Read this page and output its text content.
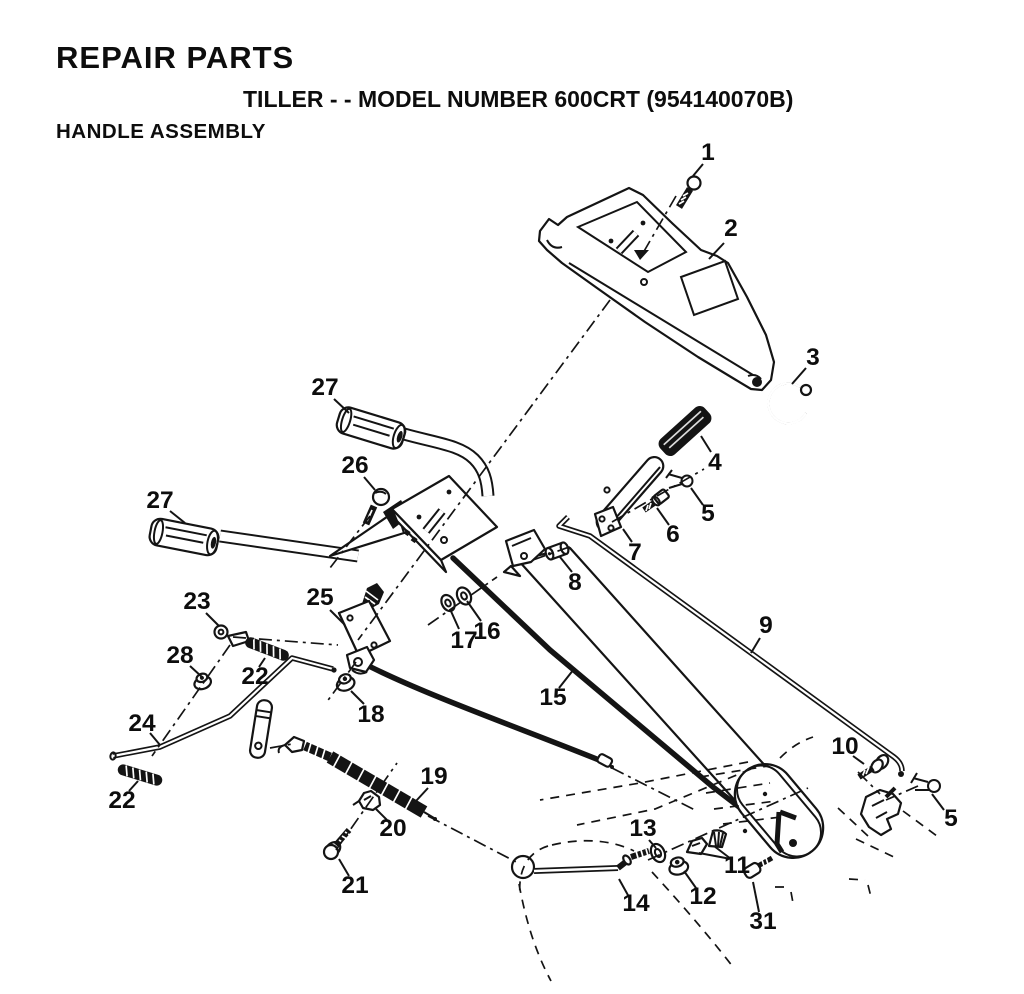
REPAIR PARTS
TILLER - - MODEL NUMBER 600CRT (954140070B)
HANDLE ASSEMBLY
1
2
3
4
5
6
7
8
9
10
5
27
26
27
23	25
28
22
16
17
18
15
24
22
19
20
21
13
11
14 12
31
